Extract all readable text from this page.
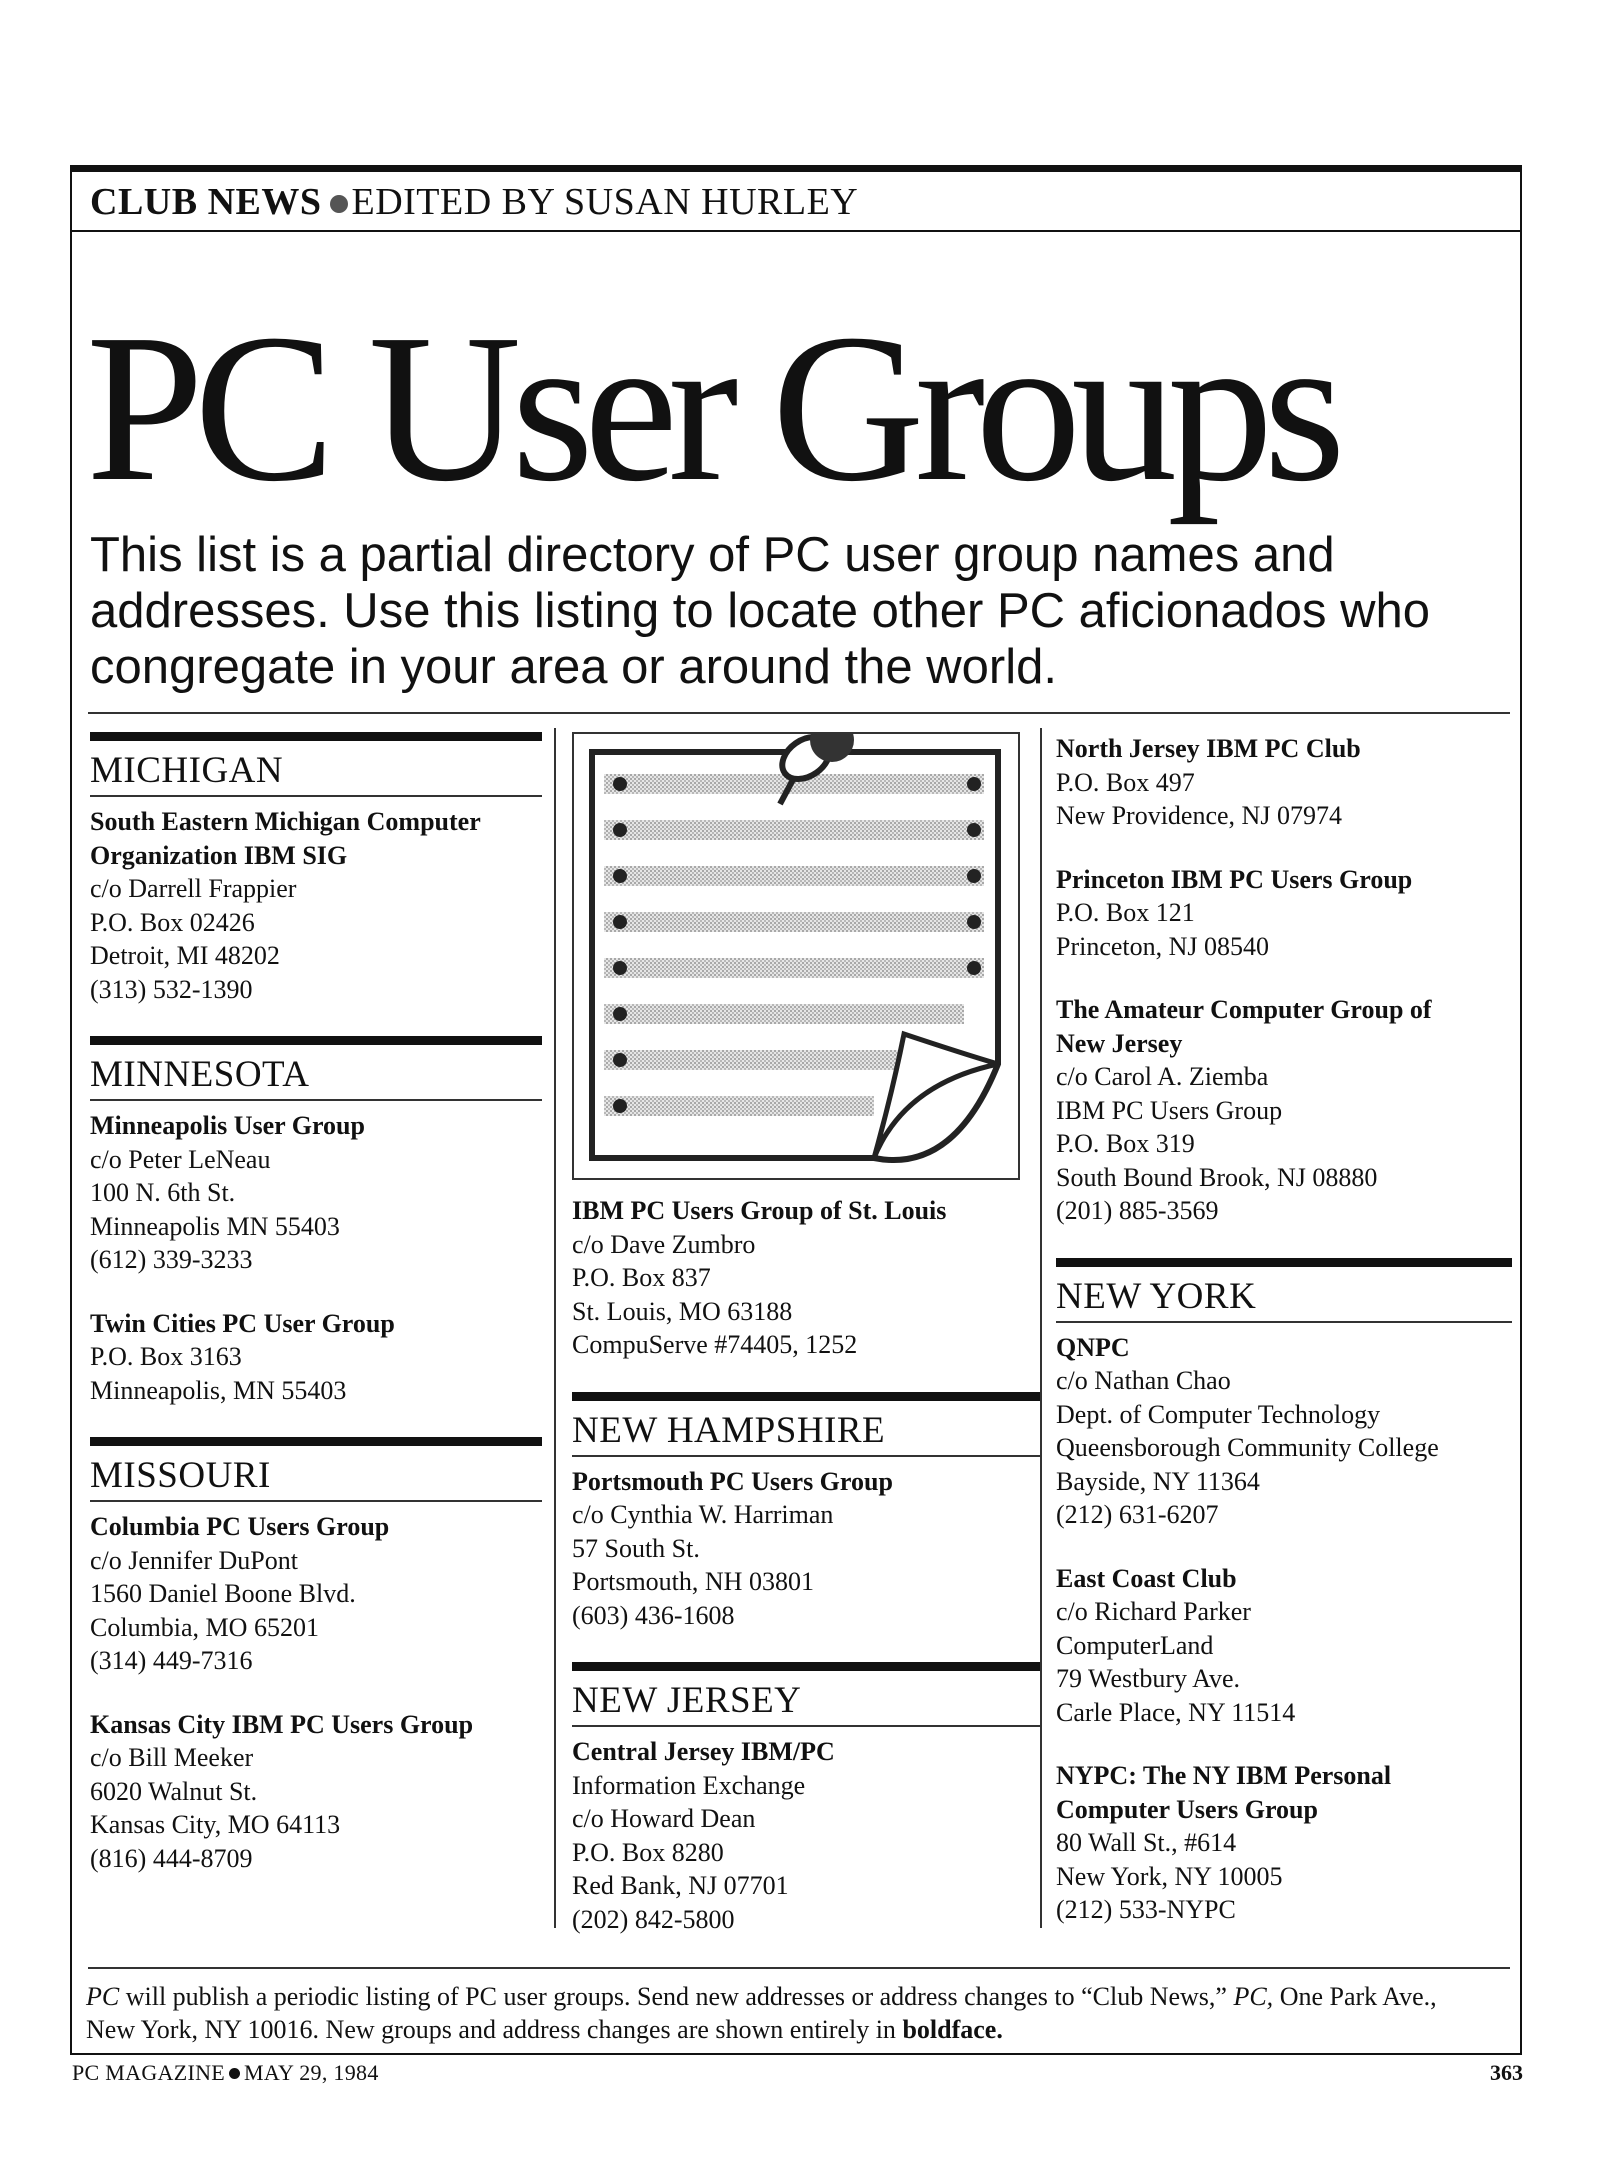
CLUB NEWS EDITED BY SUSAN HURLEY
PC User Groups

This list is a partial directory of PC user group names and addresses. Use this listing to locate other PC aficionados who congregate in your area or around the world.

MICHIGAN
South Eastern Michigan Computer
Organization IBM SIG
c/o Darrell Frappier
P.O. Box 02426
Detroit, MI 48202
(313) 532-1390
MINNESOTA
Minneapolis User Group
c/o Peter LeNeau
100 N. 6th St.
Minneapolis MN 55403
(612) 339-3233
Twin Cities PC User Group
P.O. Box 3163
Minneapolis, MN 55403
MISSOURI
Columbia PC Users Group
c/o Jennifer DuPont
1560 Daniel Boone Blvd.
Columbia, MO 65201
(314) 449-7316
Kansas City IBM PC Users Group
c/o Bill Meeker
6020 Walnut St.
Kansas City, MO 64113
(816) 444-8709
IBM PC Users Group of St. Louis
c/o Dave Zumbro
P.O. Box 837
St. Louis, MO 63188
CompuServe #74405, 1252
NEW HAMPSHIRE
Portsmouth PC Users Group
c/o Cynthia W. Harriman
57 South St.
Portsmouth, NH 03801
(603) 436-1608
NEW JERSEY
Central Jersey IBM/PC
Information Exchange
c/o Howard Dean
P.O. Box 8280
Red Bank, NJ 07701
(202) 842-5800
North Jersey IBM PC Club
P.O. Box 497
New Providence, NJ 07974
Princeton IBM PC Users Group
P.O. Box 121
Princeton, NJ 08540
The Amateur Computer Group of
New Jersey
c/o Carol A. Ziemba
IBM PC Users Group
P.O. Box 319
South Bound Brook, NJ 08880
(201) 885-3569
NEW YORK
QNPC
c/o Nathan Chao
Dept. of Computer Technology
Queensborough Community College
Bayside, NY 11364
(212) 631-6207
East Coast Club
c/o Richard Parker
ComputerLand
79 Westbury Ave.
Carle Place, NY 11514
NYPC: The NY IBM Personal
Computer Users Group
80 Wall St., #614
New York, NY 10005
(212) 533-NYPC
PC will publish a periodic listing of PC user groups. Send new addresses or address changes to “Club News,” PC, One Park Ave., New York, NY 10016. New groups and address changes are shown entirely in boldface.
PC MAGAZINE MAY 29, 1984	363
